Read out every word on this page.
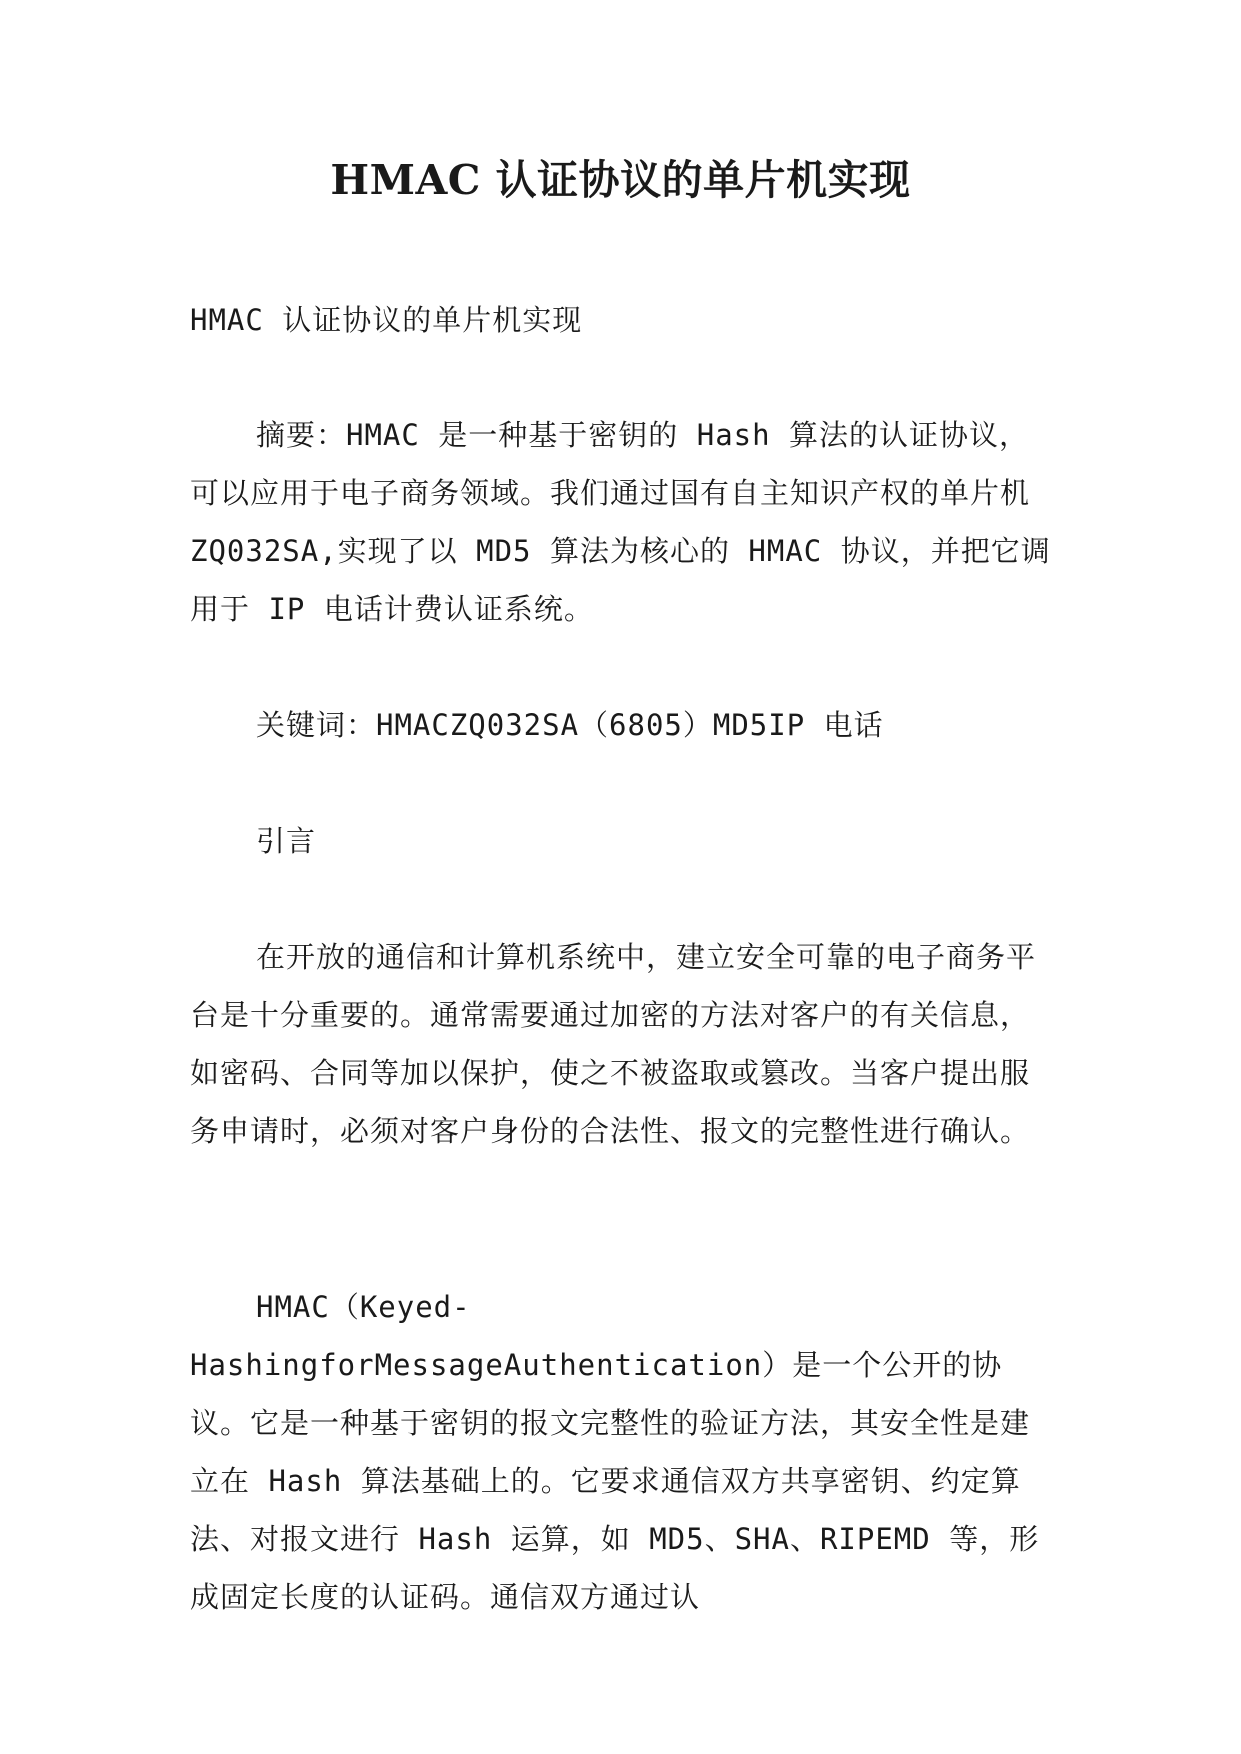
HMAC 认证协议的单片机实现

HMAC 认证协议的单片机实现

摘要：HMAC 是一种基于密钥的 Hash 算法的认证协议，可以应用于电子商务领域。我们通过国有自主知识产权的单片机 ZQ032SA,实现了以 MD5 算法为核心的 HMAC 协议，并把它调用于 IP 电话计费认证系统。

关键词：HMACZQ032SA（6805）MD5IP 电话

引言

在开放的通信和计算机系统中，建立安全可靠的电子商务平台是十分重要的。通常需要通过加密的方法对客户的有关信息，如密码、合同等加以保护，使之不被盗取或篡改。当客户提出服务申请时，必须对客户身份的合法性、报文的完整性进行确认。

HMAC（Keyed-HashingforMessageAuthentication）是一个公开的协议。它是一种基于密钥的报文完整性的验证方法，其安全性是建立在 Hash 算法基础上的。它要求通信双方共享密钥、约定算法、对报文进行 Hash 运算，如 MD5、SHA、RIPEMD 等，形成固定长度的认证码。通信双方通过认
